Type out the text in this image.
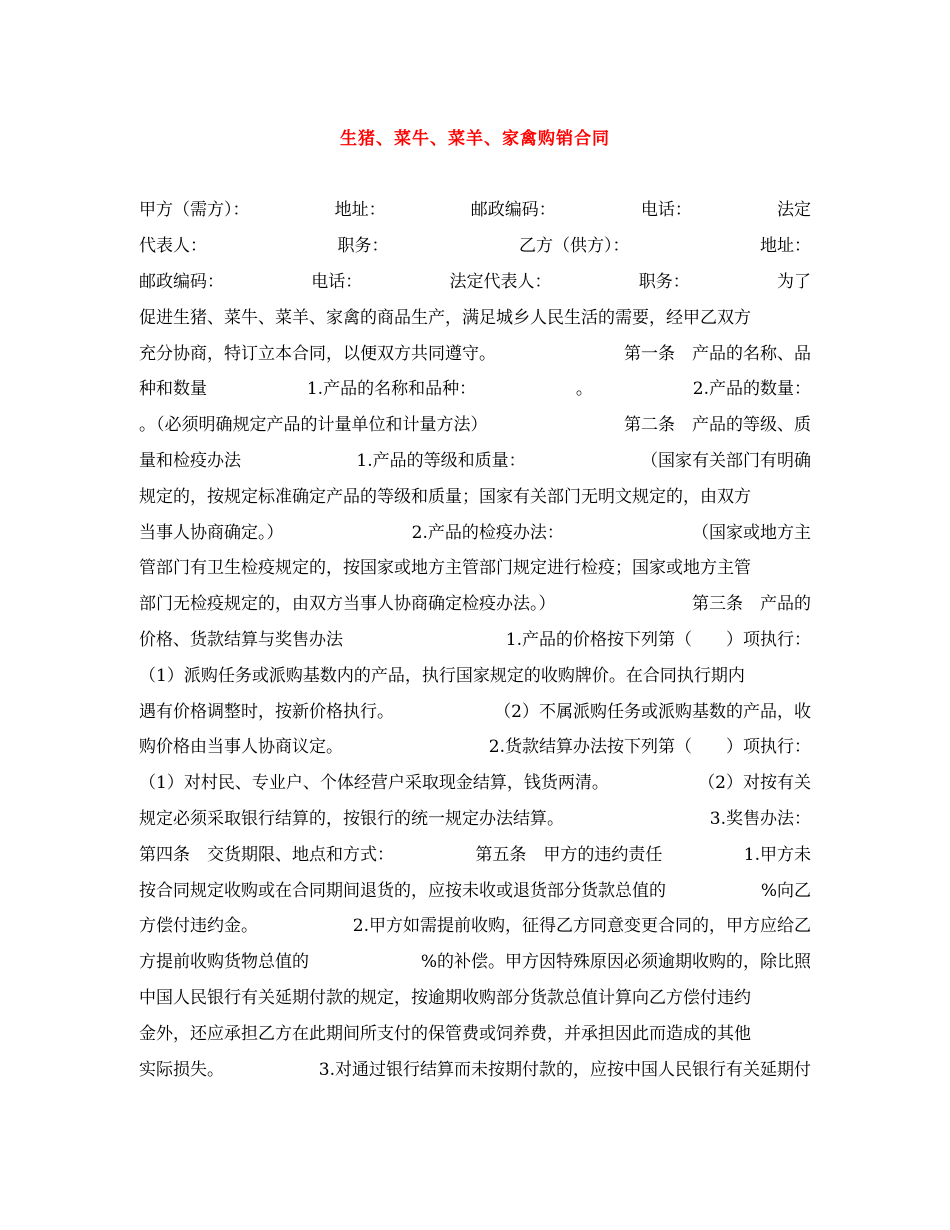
生猪、菜牛、菜羊、家禽购销合同
甲方（需方）：	地址：	邮政编码：	电话：	法定
代表人：	职务：	乙方（供方）：	地址：
邮政编码：	电话：	法定代表人：	职务：	为了
促进生猪、菜牛、菜羊、家禽的商品生产，满足城乡人民生活的需要，经甲乙双方
充分协商，特订立本合同，以便双方共同遵守。	第一条　产品的名称、品
种和数量	1.产品的名称和品种：	。	2.产品的数量：
。（必须明确规定产品的计量单位和计量方法）	第二条　产品的等级、质
量和检疫办法	1.产品的等级和质量：	（国家有关部门有明确
规定的，按规定标准确定产品的等级和质量；国家有关部门无明文规定的，由双方
当事人协商确定。）	2.产品的检疫办法：	（国家或地方主
管部门有卫生检疫规定的，按国家或地方主管部门规定进行检疫；国家或地方主管
部门无检疫规定的，由双方当事人协商确定检疫办法。）	第三条　产品的
价格、货款结算与奖售办法	1.产品的价格按下列第（　　）项执行：
（1）派购任务或派购基数内的产品，执行国家规定的收购牌价。在合同执行期内
遇有价格调整时，按新价格执行。	（2）不属派购任务或派购基数的产品，收
购价格由当事人协商议定。	2.货款结算办法按下列第（　　）项执行：
（1）对村民、专业户、个体经营户采取现金结算，钱货两清。	（2）对按有关
规定必须采取银行结算的，按银行的统一规定办法结算。	3.奖售办法：
第四条　交货期限、地点和方式：	第五条　甲方的违约责任	1.甲方未
按合同规定收购或在合同期间退货的，应按未收或退货部分货款总值的	%向乙
方偿付违约金。	2.甲方如需提前收购，征得乙方同意变更合同的，甲方应给乙
方提前收购货物总值的	%的补偿。甲方因特殊原因必须逾期收购的，除比照
中国人民银行有关延期付款的规定，按逾期收购部分货款总值计算向乙方偿付违约
金外，还应承担乙方在此期间所支付的保管费或饲养费，并承担因此而造成的其他
实际损失。	3.对通过银行结算而未按期付款的，应按中国人民银行有关延期付
